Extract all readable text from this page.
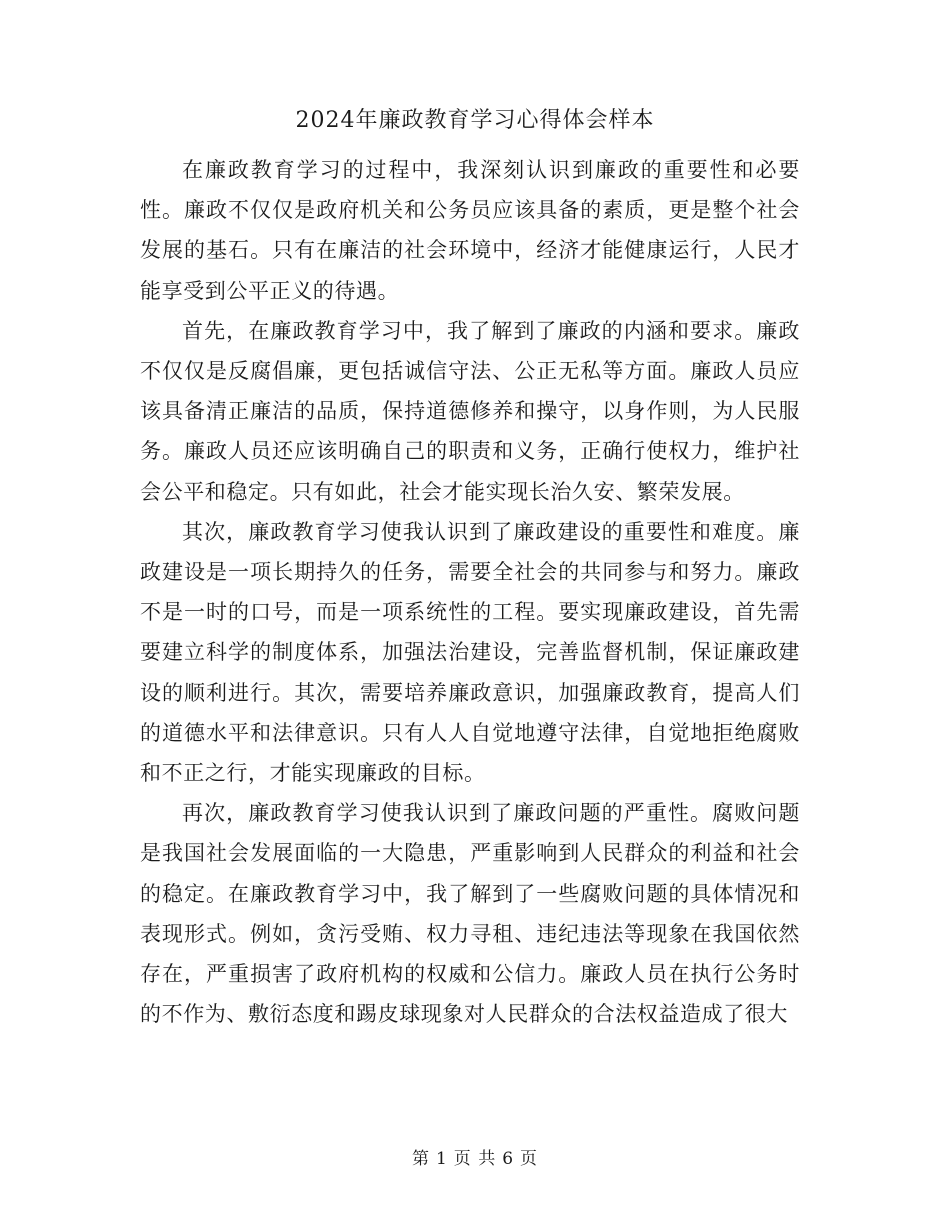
2024年廉政教育学习心得体会样本

在廉政教育学习的过程中，我深刻认识到廉政的重要性和必要性。廉政不仅仅是政府机关和公务员应该具备的素质，更是整个社会发展的基石。只有在廉洁的社会环境中，经济才能健康运行，人民才能享受到公平正义的待遇。

首先，在廉政教育学习中，我了解到了廉政的内涵和要求。廉政不仅仅是反腐倡廉，更包括诚信守法、公正无私等方面。廉政人员应该具备清正廉洁的品质，保持道德修养和操守，以身作则，为人民服务。廉政人员还应该明确自己的职责和义务，正确行使权力，维护社会公平和稳定。只有如此，社会才能实现长治久安、繁荣发展。

其次，廉政教育学习使我认识到了廉政建设的重要性和难度。廉政建设是一项长期持久的任务，需要全社会的共同参与和努力。廉政不是一时的口号，而是一项系统性的工程。要实现廉政建设，首先需要建立科学的制度体系，加强法治建设，完善监督机制，保证廉政建设的顺利进行。其次，需要培养廉政意识，加强廉政教育，提高人们的道德水平和法律意识。只有人人自觉地遵守法律，自觉地拒绝腐败和不正之行，才能实现廉政的目标。

再次，廉政教育学习使我认识到了廉政问题的严重性。腐败问题是我国社会发展面临的一大隐患，严重影响到人民群众的利益和社会的稳定。在廉政教育学习中，我了解到了一些腐败问题的具体情况和表现形式。例如，贪污受贿、权力寻租、违纪违法等现象在我国依然存在，严重损害了政府机构的权威和公信力。廉政人员在执行公务时的不作为、敷衍态度和踢皮球现象对人民群众的合法权益造成了很大

第 1 页 共 6 页
